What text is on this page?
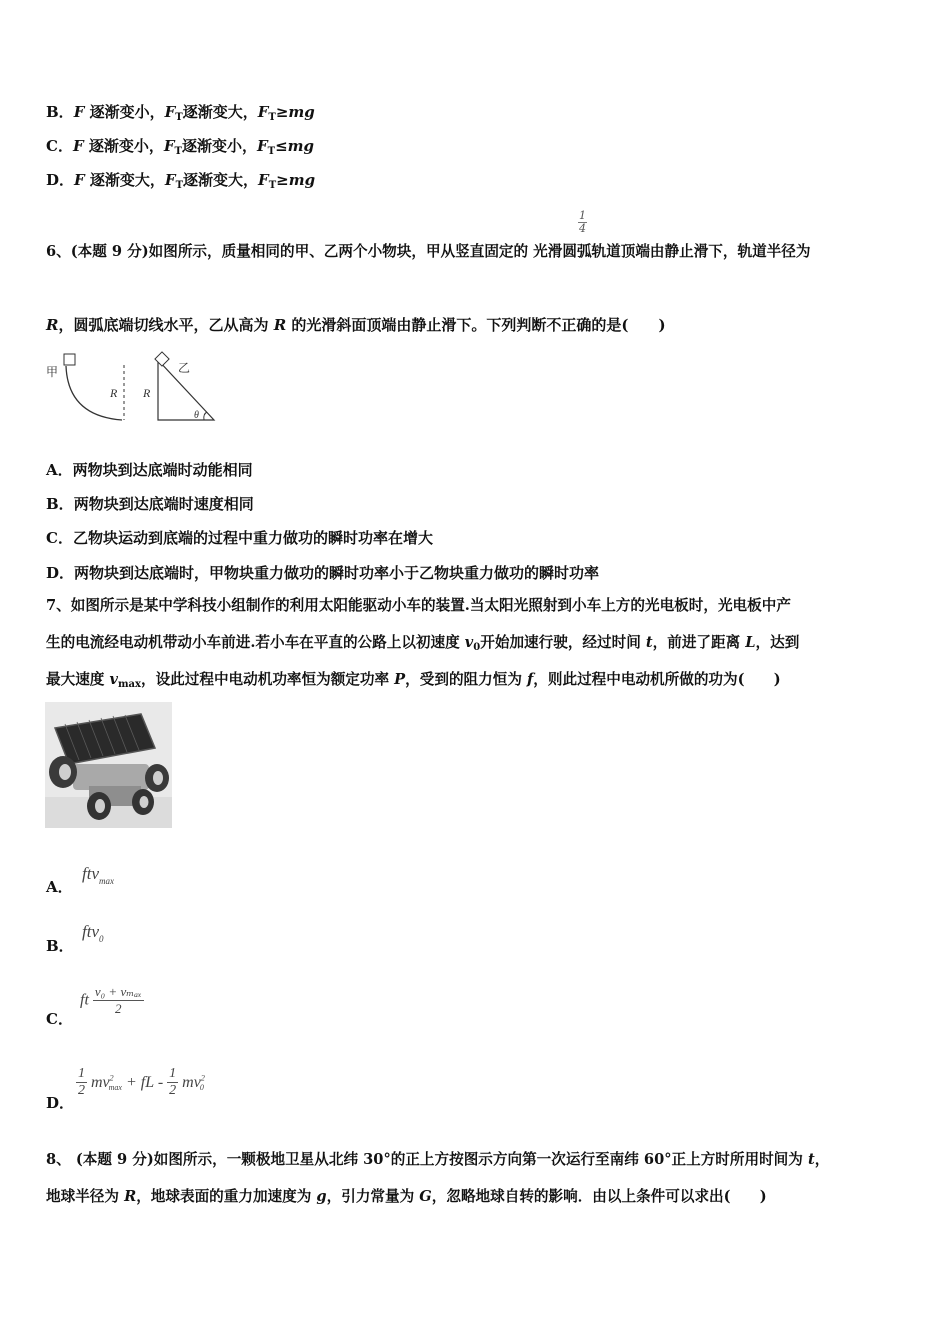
B．F 逐渐变小，$F_T$逐渐变大，$F_T\ge mg$
C．F 逐渐变小，$F_T$逐渐变小，$F_T\le mg$
D．F 逐渐变大，$F_T$逐渐变大，$F_T\ge mg$
1
4
6、(本题 9 分)如图所示，质量相同的甲、乙两个小物块，甲从竖直固定的 光滑圆弧轨道顶端由静止滑下，轨道半径为
R，圆弧底端切线水平，乙从高为 R 的光滑斜面顶端由静止滑下。下列判断不正确的是(　　)
甲
R
乙
R
θ
A．两物块到达底端时动能相同
B．两物块到达底端时速度相同
C．乙物块运动到底端的过程中重力做功的瞬时功率在增大
D．两物块到达底端时，甲物块重力做功的瞬时功率小于乙物块重力做功的瞬时功率
7、如图所示是某中学科技小组制作的利用太阳能驱动小车的装置.当太阳光照射到小车上方的光电板时，光电板中产
生的电流经电动机带动小车前进.若小车在平直的公路上以初速度 $v_0$开始加速行驶，经过时间 t，前进了距离 L，达到
最大速度 $v_{max}$，设此过程中电动机功率恒为额定功率 P，受到的阻力恒为 f，则此过程中电动机所做的功为(　　)
A．
ftv$_{max}$
B．
ftv$_0$
C．
ft $\frac{\text{v₀ + vₘₐₓ}}{2}$
D．
$\frac{1}{2} mv^2_{max}$ + fL - $\frac{1}{2} mv^2_0$
8、 (本题 9 分)如图所示，一颗极地卫星从北纬 30°的正上方按图示方向第一次运行至南纬 60°正上方时所用时间为 t，
地球半径为 R，地球表面的重力加速度为 g，引力常量为 G，忽略地球自转的影响．由以上条件可以求出(　　)
